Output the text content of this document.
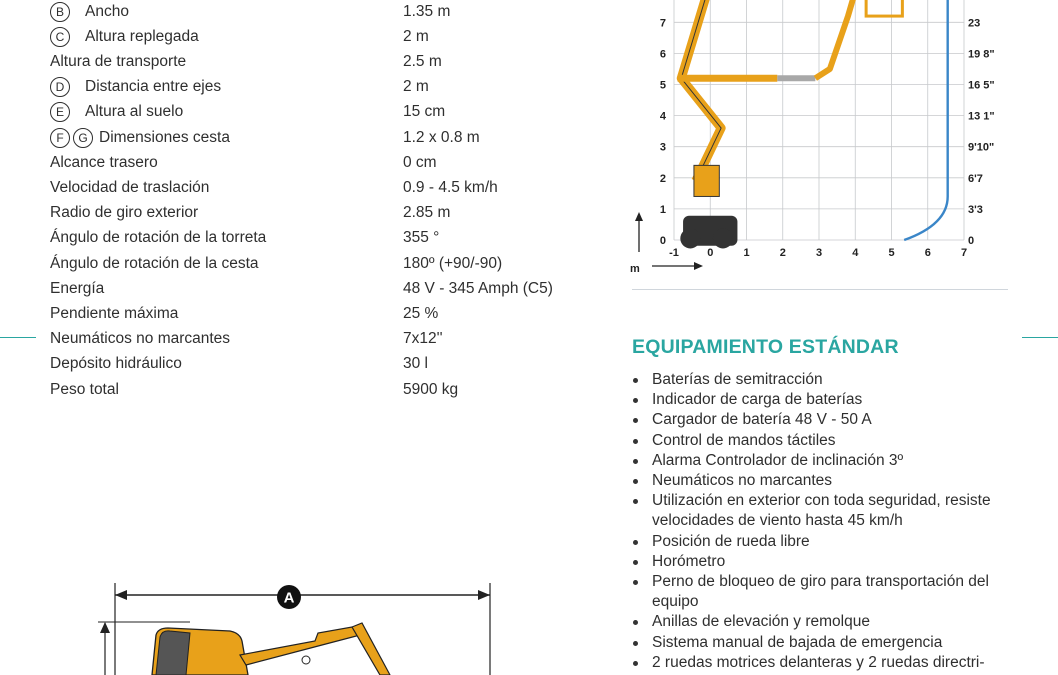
B	Ancho	1.35 m
C	Altura replegada	2 m
Altura de transporte	2.5 m
D	Distancia entre ejes	2 m
E	Altura al suelo	15 cm
F	G Dimensiones cesta	1.2 x 0.8 m
Alcance trasero	0 cm
Velocidad de traslación	0.9 - 4.5 km/h
Radio de giro exterior	2.85 m
Ángulo de rotación de la torreta	355 °
Ángulo de rotación de la cesta	180º (+90/-90)
Energía	48 V - 345 Amph (C5)
Pendiente máxima	25 %
Neumáticos no marcantes	7x12''
Depósito hidráulico	30 l
Peso total	5900 kg
-1	0	1	2	3	4	5	6	7
0
1
2
3
4
5
6
7
0
3'3
6'7
9'10"
13 1"
16 5"
19 8"
23
m
EQUIPAMIENTO ESTÁNDAR
Baterías de semitracción
Indicador de carga de baterías
Cargador de batería 48 V - 50 A
Control de mandos táctiles
Alarma Controlador de inclinación 3º
Neumáticos no marcantes
Utilización en exterior con toda seguridad, resiste velocidades de viento hasta 45 km/h
Posición de rueda libre
Horómetro
Perno de bloqueo de giro para transportación del equipo
Anillas de elevación y remolque
Sistema manual de bajada de emergencia
2 ruedas motrices delanteras y 2 ruedas directri-
A
